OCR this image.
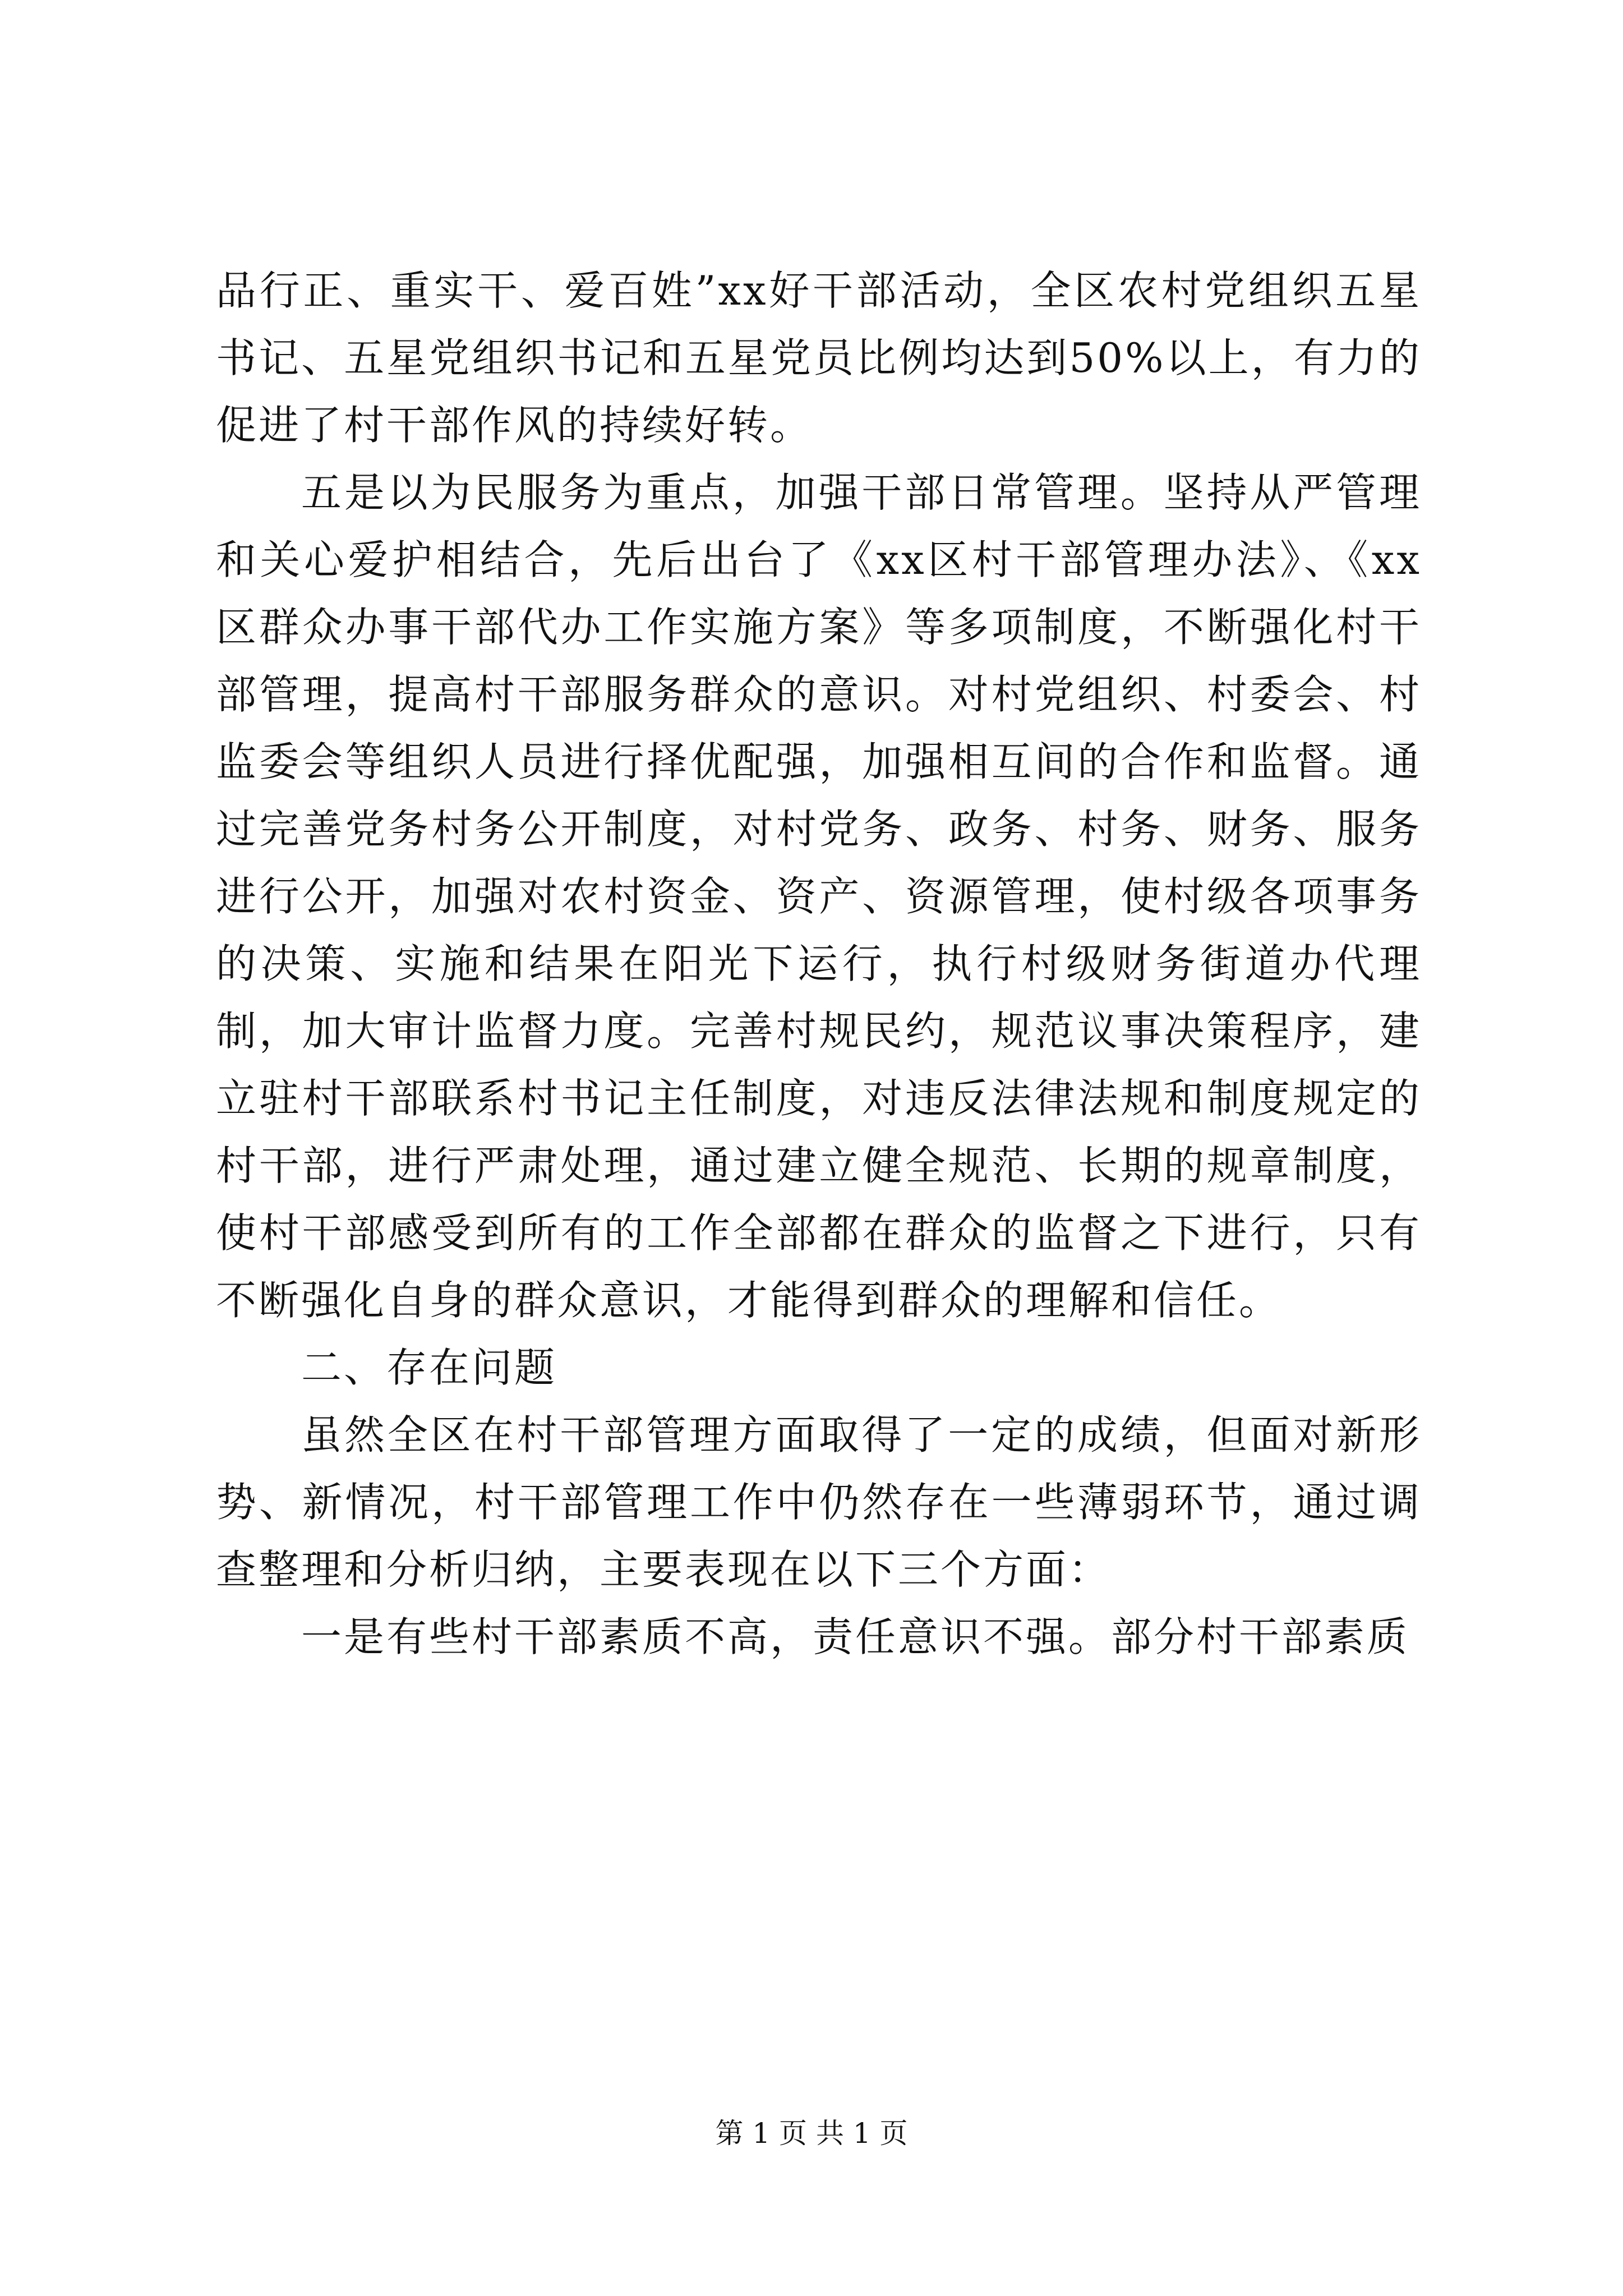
品行正、重实干、爱百姓”xx好干部活动，全区农村党组织五星书记、五星党组织书记和五星党员比例均达到50%以上，有力的促进了村干部作风的持续好转。

五是以为民服务为重点，加强干部日常管理。坚持从严管理和关心爱护相结合，先后出台了《xx区村干部管理办法》、《xx区群众办事干部代办工作实施方案》等多项制度，不断强化村干部管理，提高村干部服务群众的意识。对村党组织、村委会、村监委会等组织人员进行择优配强，加强相互间的合作和监督。通过完善党务村务公开制度，对村党务、政务、村务、财务、服务进行公开，加强对农村资金、资产、资源管理，使村级各项事务的决策、实施和结果在阳光下运行，执行村级财务街道办代理制，加大审计监督力度。完善村规民约，规范议事决策程序，建立驻村干部联系村书记主任制度，对违反法律法规和制度规定的村干部，进行严肃处理，通过建立健全规范、长期的规章制度，使村干部感受到所有的工作全部都在群众的监督之下进行，只有不断强化自身的群众意识，才能得到群众的理解和信任。

二、存在问题

虽然全区在村干部管理方面取得了一定的成绩，但面对新形势、新情况，村干部管理工作中仍然存在一些薄弱环节，通过调查整理和分析归纳，主要表现在以下三个方面：

一是有些村干部素质不高，责任意识不强。部分村干部素质

第 1 页 共 1 页
